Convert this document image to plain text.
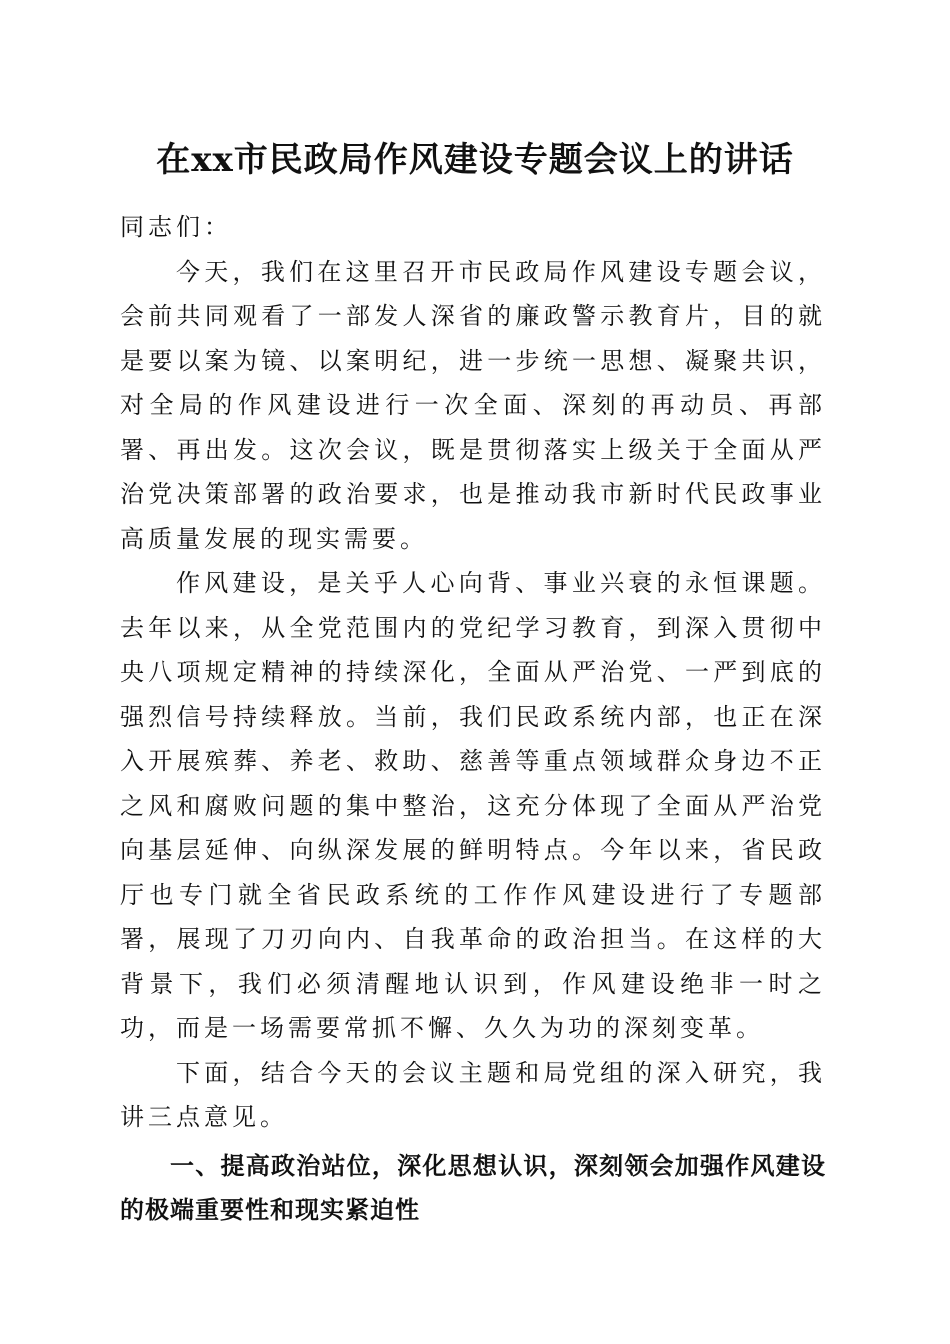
在xx市民政局作风建设专题会议上的讲话

同志们：

今天，我们在这里召开市民政局作风建设专题会议，会前共同观看了一部发人深省的廉政警示教育片，目的就是要以案为镜、以案明纪，进一步统一思想、凝聚共识，对全局的作风建设进行一次全面、深刻的再动员、再部署、再出发。这次会议，既是贯彻落实上级关于全面从严治党决策部署的政治要求，也是推动我市新时代民政事业高质量发展的现实需要。

作风建设，是关乎人心向背、事业兴衰的永恒课题。去年以来，从全党范围内的党纪学习教育，到深入贯彻中央八项规定精神的持续深化，全面从严治党、一严到底的强烈信号持续释放。当前，我们民政系统内部，也正在深入开展殡葬、养老、救助、慈善等重点领域群众身边不正之风和腐败问题的集中整治，这充分体现了全面从严治党向基层延伸、向纵深发展的鲜明特点。今年以来，省民政厅也专门就全省民政系统的工作作风建设进行了专题部署，展现了刀刃向内、自我革命的政治担当。在这样的大背景下，我们必须清醒地认识到，作风建设绝非一时之功，而是一场需要常抓不懈、久久为功的深刻变革。

下面，结合今天的会议主题和局党组的深入研究，我讲三点意见。

一、提高政治站位，深化思想认识，深刻领会加强作风建设的极端重要性和现实紧迫性
